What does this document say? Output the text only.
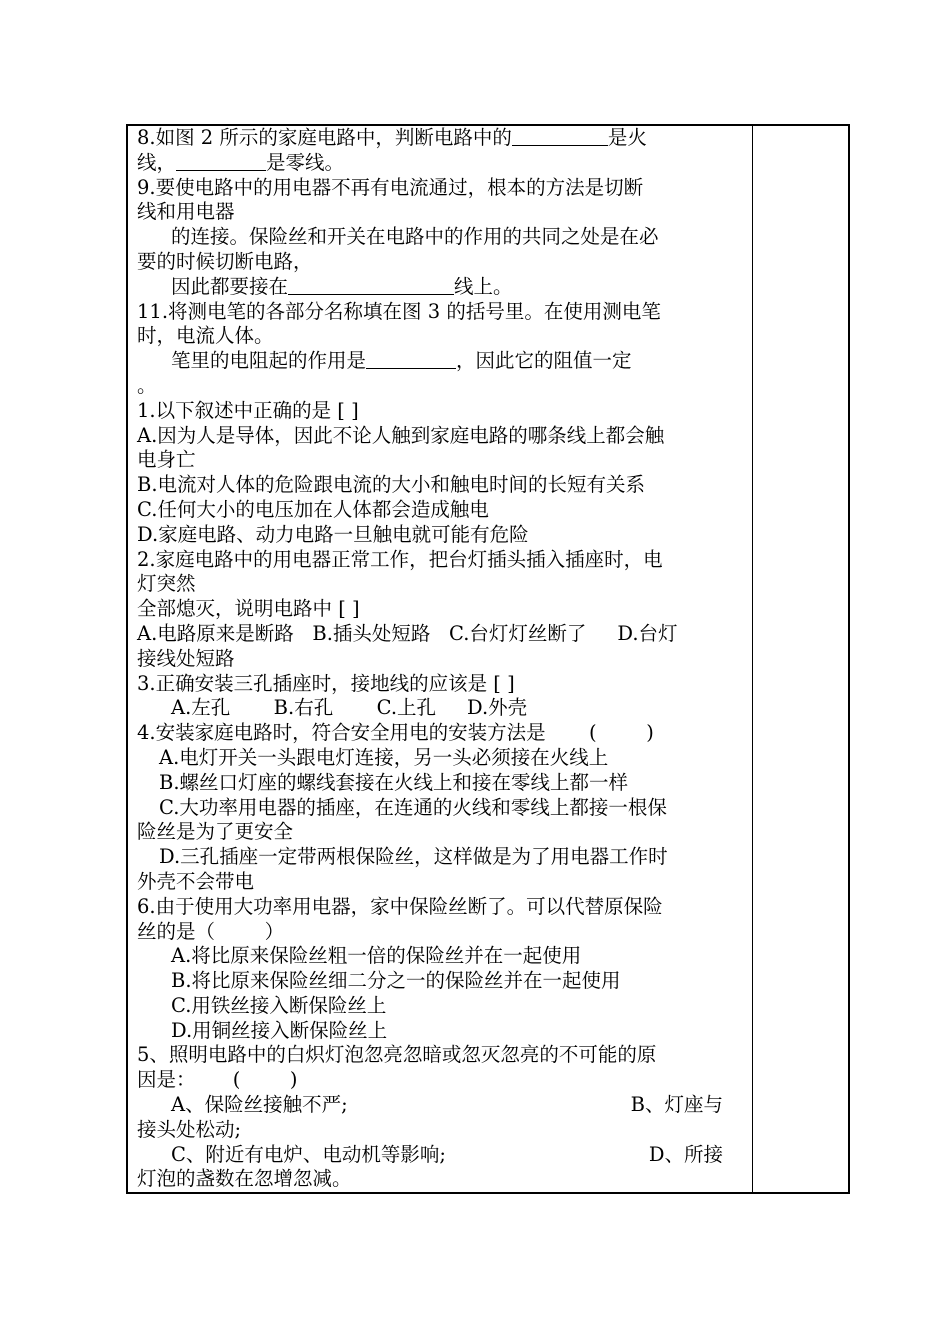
8.如图 2 所示的家庭电路中，判断电路中的	是火
线，	是零线。
9.要使电路中的用电器不再有电流通过，根本的方法是切断
线和用电器
的连接。保险丝和开关在电路中的作用的共同之处是在必
要的时候切断电路，
因此都要接在	线上。
11.将测电笔的各部分名称填在图 3 的括号里。在使用测电笔
时，电流人体。
笔里的电阻起的作用是	，因此它的阻值一定
。
1.以下叙述中正确的是 [ ]
A.因为人是导体，因此不论人触到家庭电路的哪条线上都会触
电身亡
B.电流对人体的危险跟电流的大小和触电时间的长短有关系
C.任何大小的电压加在人体都会造成触电
D.家庭电路、动力电路一旦触电就可能有危险
2.家庭电路中的用电器正常工作，把台灯插头插入插座时，电
灯突然
全部熄灭，说明电路中 [ ]
A.电路原来是断路   B.插头处短路   C.台灯灯丝断了     D.台灯
接线处短路
3.正确安装三孔插座时，接地线的应该是 [ ]
A.左孔       B.右孔       C.上孔     D.外壳
4.安装家庭电路时，符合安全用电的安装方法是       (        )
A.电灯开关一头跟电灯连接，另一头必须接在火线上
B.螺丝口灯座的螺线套接在火线上和接在零线上都一样
C.大功率用电器的插座，在连通的火线和零线上都接一根保
险丝是为了更安全
D.三孔插座一定带两根保险丝，这样做是为了用电器工作时
外壳不会带电
6.由于使用大功率用电器，家中保险丝断了。可以代替原保险
丝的是（        ）
A.将比原来保险丝粗一倍的保险丝并在一起使用
B.将比原来保险丝细二分之一的保险丝并在一起使用
C.用铁丝接入断保险丝上
D.用铜丝接入断保险丝上
5、照明电路中的白炽灯泡忽亮忽暗或忽灭忽亮的不可能的原
因是：      (        )
A、保险丝接触不严;	B、灯座与
接头处松动;
C、附近有电炉、电动机等影响;	D、所接
灯泡的盏数在忽增忽减。
